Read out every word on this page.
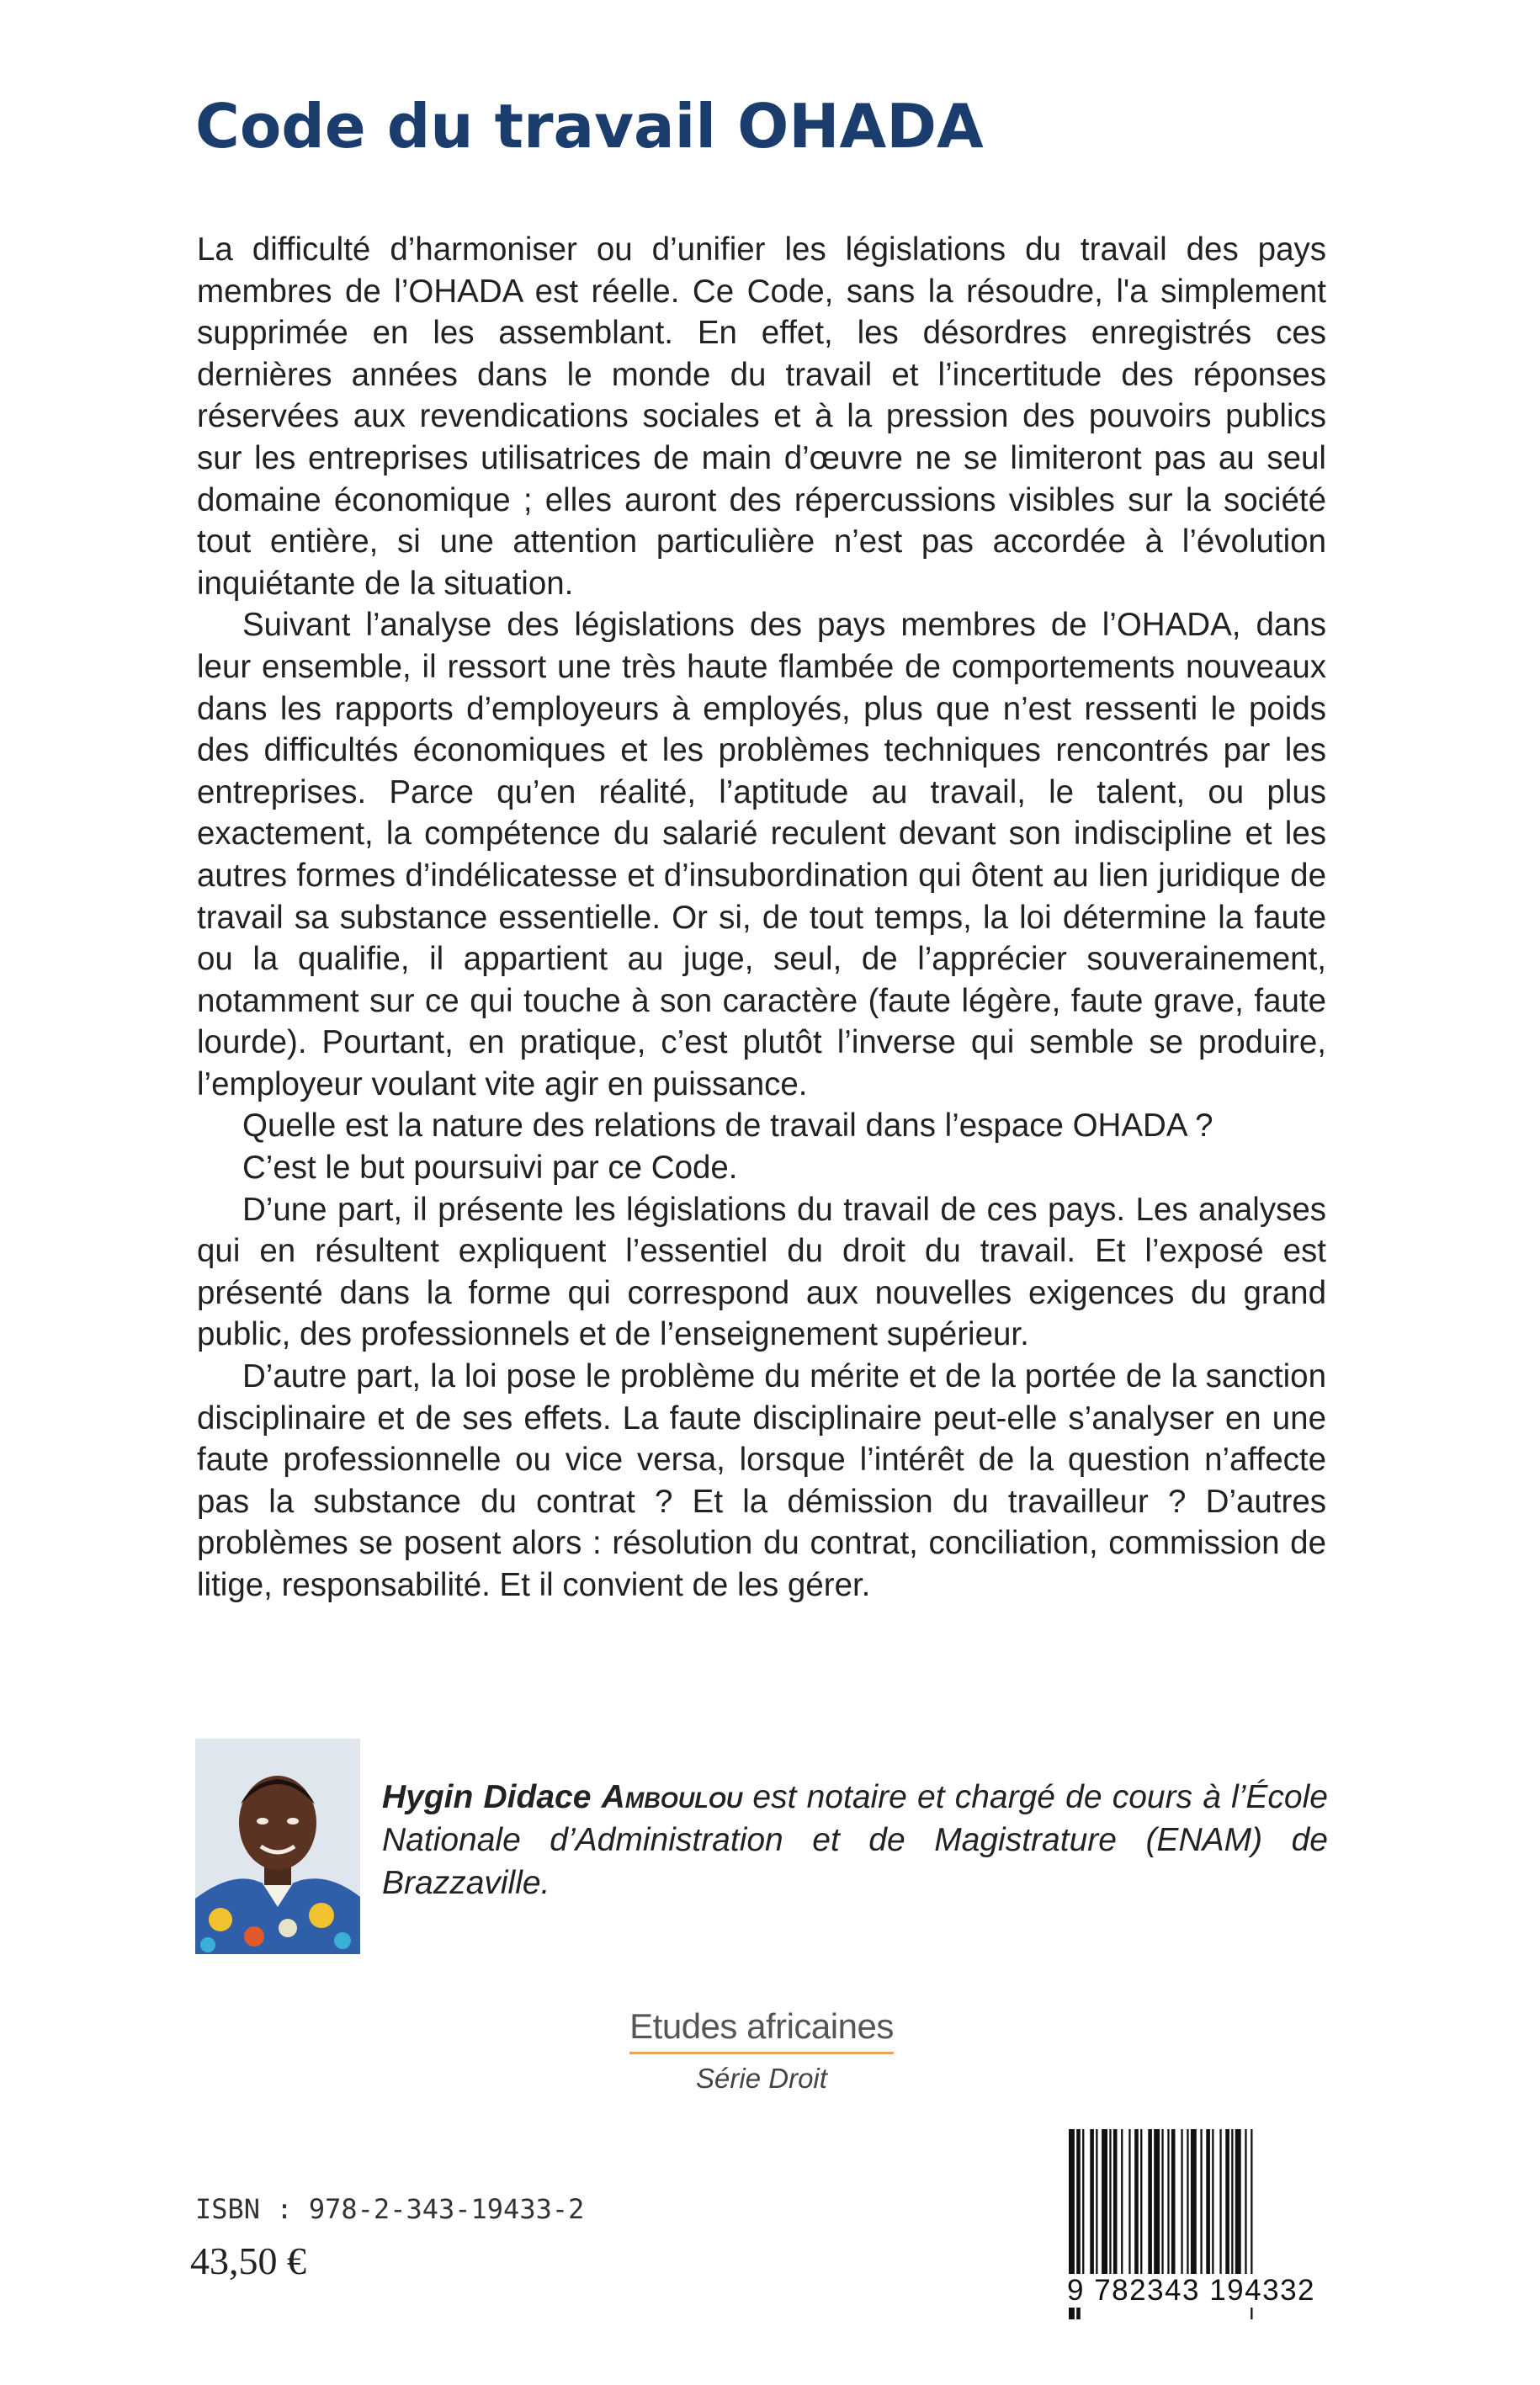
Code du travail OHADA

La difficulté d’harmoniser ou d’unifier les législations du travail des pays membres de l’OHADA est réelle. Ce Code, sans la résoudre, l'a simplement supprimée en les assemblant. En effet, les désordres enregistrés ces dernières années dans le monde du travail et l’incertitude des réponses réservées aux revendications sociales et à la pression des pouvoirs publics sur les entreprises utilisatrices de main d’œuvre ne se limiteront pas au seul domaine économique ; elles auront des répercussions visibles sur la société tout entière, si une attention particulière n’est pas accordée à l’évolution inquiétante de la situation.

Suivant l’analyse des législations des pays membres de l’OHADA, dans leur ensemble, il ressort une très haute flambée de comportements nouveaux dans les rapports d’employeurs à employés, plus que n’est ressenti le poids des difficultés économiques et les problèmes techniques rencontrés par les entreprises. Parce qu’en réalité, l’aptitude au travail, le talent, ou plus exactement, la compétence du salarié reculent devant son indiscipline et les autres formes d’indélicatesse et d’insubordination qui ôtent au lien juridique de travail sa substance essentielle. Or si, de tout temps, la loi détermine la faute ou la qualifie, il appartient au juge, seul, de l’apprécier souverainement, notamment sur ce qui touche à son caractère (faute légère, faute grave, faute lourde). Pourtant, en pratique, c’est plutôt l’inverse qui semble se produire, l’employeur voulant vite agir en puissance.

Quelle est la nature des relations de travail dans l’espace OHADA ?

C’est le but poursuivi par ce Code.

D’une part, il présente les législations du travail de ces pays. Les analyses qui en résultent expliquent l’essentiel du droit du travail. Et l’exposé est présenté dans la forme qui correspond aux nouvelles exigences du grand public, des professionnels et de l’enseignement supérieur.

D’autre part, la loi pose le problème du mérite et de la portée de la sanction disciplinaire et de ses effets. La faute disciplinaire peut-elle s’analyser en une faute professionnelle ou vice versa, lorsque l’intérêt de la question n’affecte pas la substance du contrat ? Et la démission du travailleur ? D’autres problèmes se posent alors : résolution du contrat, conciliation, commission de litige, responsabilité. Et il convient de les gérer.

Hygin Didace Amboulou est notaire et chargé de cours à l’École Nationale d’Administration et de Magistrature (ENAM) de Brazzaville.

Etudes africaines
Série Droit
ISBN : 978-2-343-19433-2
43,50 €
9 782343 194332
